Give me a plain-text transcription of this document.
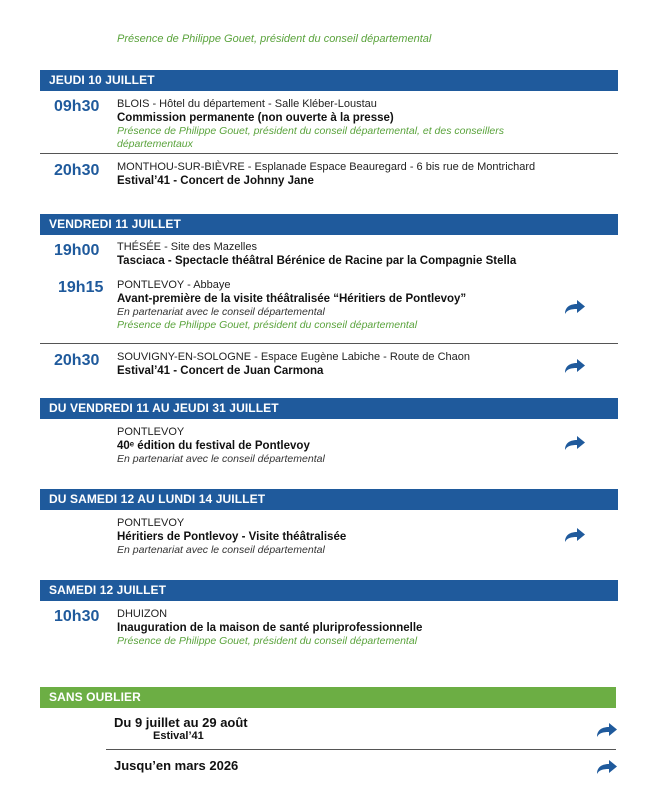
Présence de Philippe Gouet, président du conseil départemental
JEUDI 10 JUILLET
09h30 BLOIS - Hôtel du département - Salle Kléber-Loustau
Commission permanente (non ouverte à la presse)
Présence de Philippe Gouet, président du conseil départemental, et des conseillers départementaux
20h30 MONTHOU-SUR-BIÈVRE - Esplanade Espace Beauregard - 6 bis rue de Montrichard
Estival’41 - Concert de Johnny Jane
VENDREDI 11 JUILLET
19h00 THÉSÉE - Site des Mazelles
Tasciaca - Spectacle théâtral Bérénice de Racine par la Compagnie Stella
19h15 PONTLEVOY - Abbaye
Avant-première de la visite théâtralisée “Héritiers de Pontlevoy”
En partenariat avec le conseil départemental
Présence de Philippe Gouet, président du conseil départemental
20h30 SOUVIGNY-EN-SOLOGNE - Espace Eugène Labiche - Route de Chaon
Estival’41 - Concert de Juan Carmona
DU VENDREDI 11 AU JEUDI 31 JUILLET
PONTLEVOY
40ᵉ édition du festival de Pontlevoy
En partenariat avec le conseil départemental
DU SAMEDI 12 AU LUNDI 14 JUILLET
PONTLEVOY
Héritiers de Pontlevoy - Visite théâtralisée
En partenariat avec le conseil départemental
SAMEDI 12 JUILLET
10h30 DHUIZON
Inauguration de la maison de santé pluriprofessionnelle
Présence de Philippe Gouet, président du conseil départemental
SANS OUBLIER
Du 9 juillet au 29 août
Estival’41
Jusqu’en mars 2026
